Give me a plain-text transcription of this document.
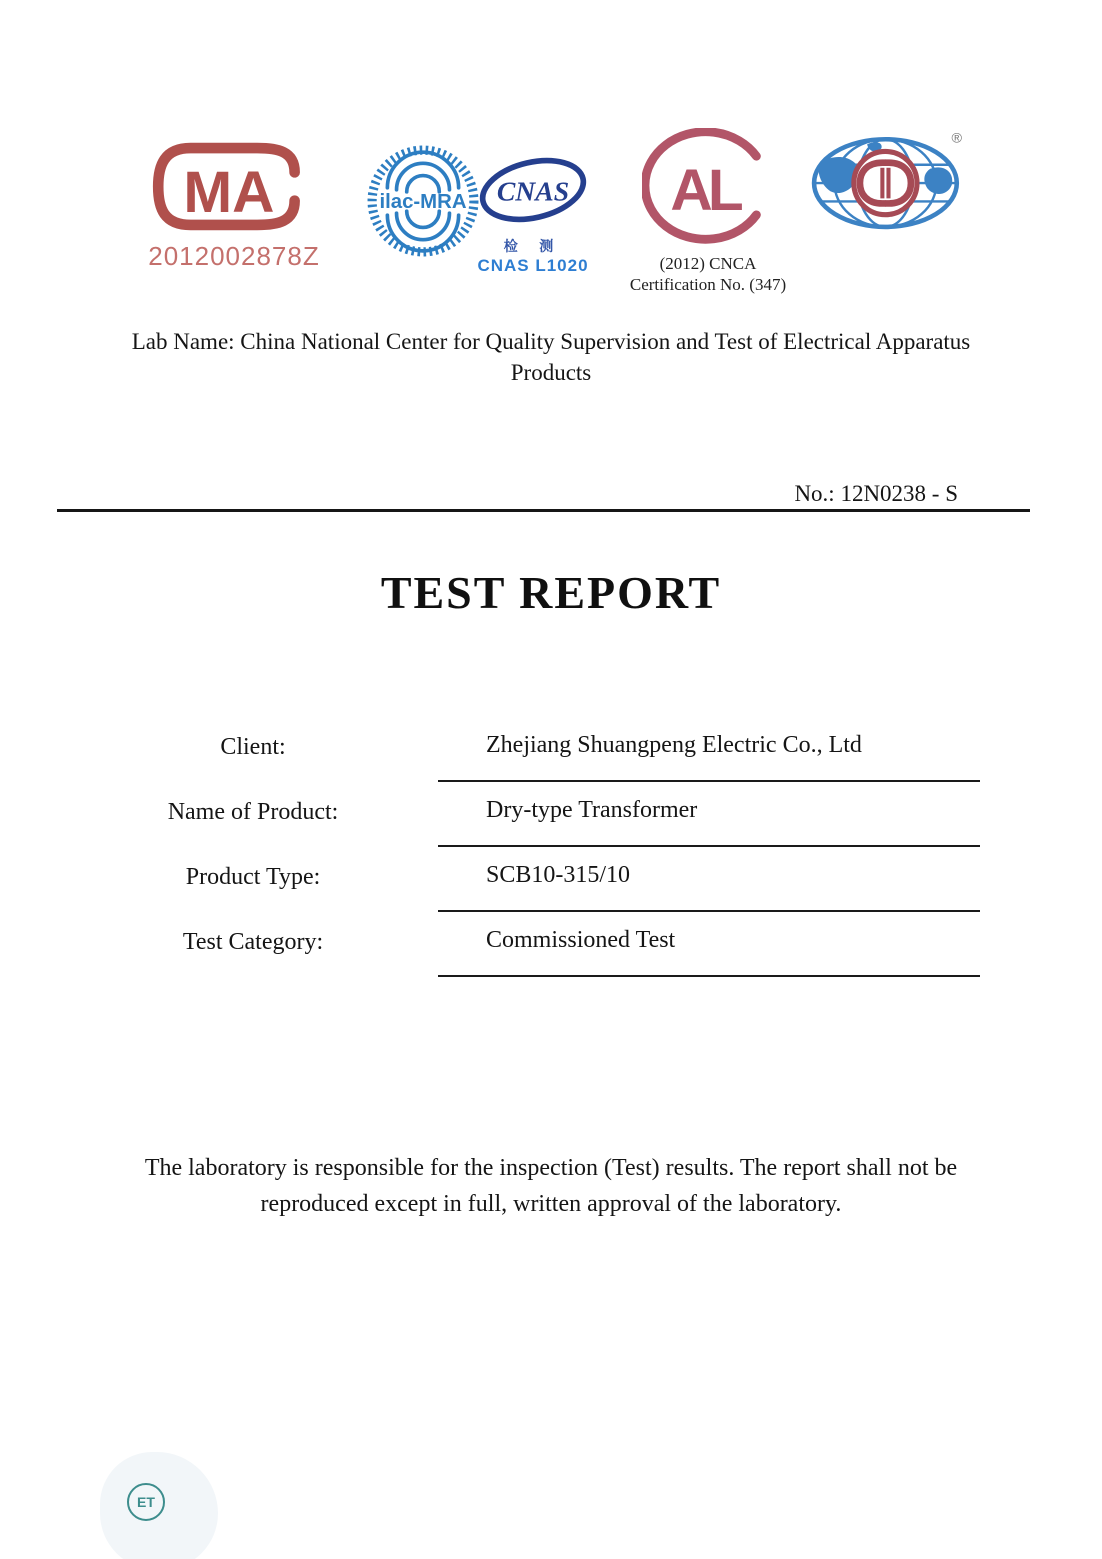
MA
2012002878Z
ilac-MRA CNAS
检 测
CNAS L1020
AL
(2012) CNCA
Certification No. (347)
®
Lab Name: China National Center for Quality Supervision and Test of Electrical Apparatus Products
No.: 12N0238 - S
TEST REPORT
Client:	Zhejiang Shuangpeng Electric Co., Ltd
Name of Product:	Dry-type Transformer
Product Type:	SCB10-315/10
Test Category:	Commissioned Test
The laboratory is responsible for the inspection (Test) results. The report shall not be reproduced except in full, written approval of the laboratory.
ET
